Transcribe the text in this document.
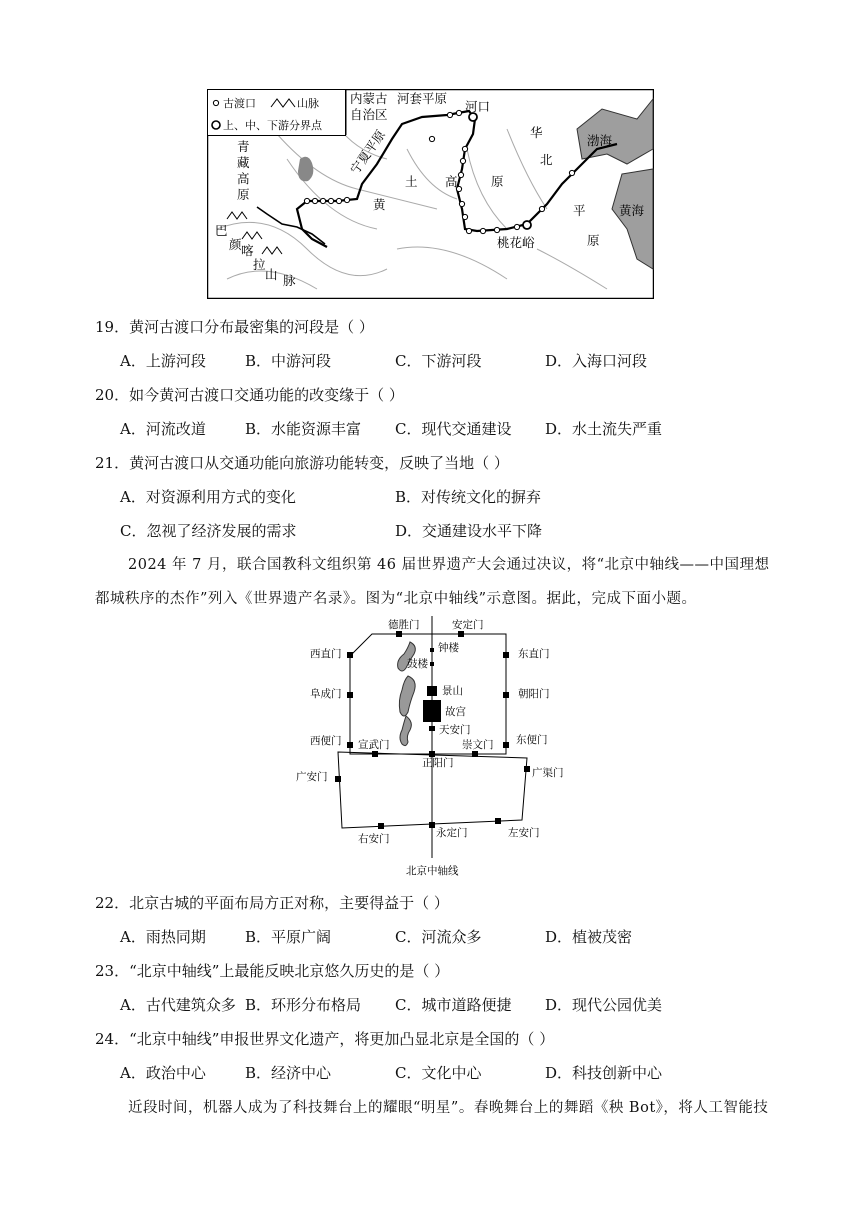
古渡口	山脉
上、中、下游分界点
内蒙古
自治区
河套平原
河口
宁夏平原
青
藏
高
原
黄
土 高	原
华
北
平
原
渤海
黄海
桃花峪
巴
颜 喀
拉
山 脉
19．黄河古渡口分布最密集的河段是（ ）
A．上游河段	B．中游河段	C．下游河段	D．入海口河段
20．如今黄河古渡口交通功能的改变缘于（ ）
A．河流改道	B．水能资源丰富 C．现代交通建设 D．水土流失严重
21．黄河古渡口从交通功能向旅游功能转变，反映了当地（ ）
A．对资源利用方式的变化	B．对传统文化的摒弃
C．忽视了经济发展的需求	D．交通建设水平下降
2024 年 7 月，联合国教科文组织第 46 届世界遗产大会通过决议，将“北京中轴线——中国理想
都城秩序的杰作”列入《世界遗产名录》。图为“北京中轴线”示意图。据此，完成下面小题。
德胜门	安定门
西直门	东直门
阜成门	朝阳门
西便门	东便门
宣武门	崇文门
正阳门
广安门	广渠门
右安门	永定门	左安门
鼓楼
钟楼
景山
故宫
天安门
北京中轴线
22．北京古城的平面布局方正对称，主要得益于（ ）
A．雨热同期	B．平原广阔	C．河流众多	D．植被茂密
23．“北京中轴线”上最能反映北京悠久历史的是（ ）
A．古代建筑众多 B．环形分布格局 C．城市道路便捷 D．现代公园优美
24．“北京中轴线”申报世界文化遗产，将更加凸显北京是全国的（ ）
A．政治中心	B．经济中心	C．文化中心	D．科技创新中心
近段时间，机器人成为了科技舞台上的耀眼“明星”。春晚舞台上的舞蹈《秧 Bot》，将人工智能技
